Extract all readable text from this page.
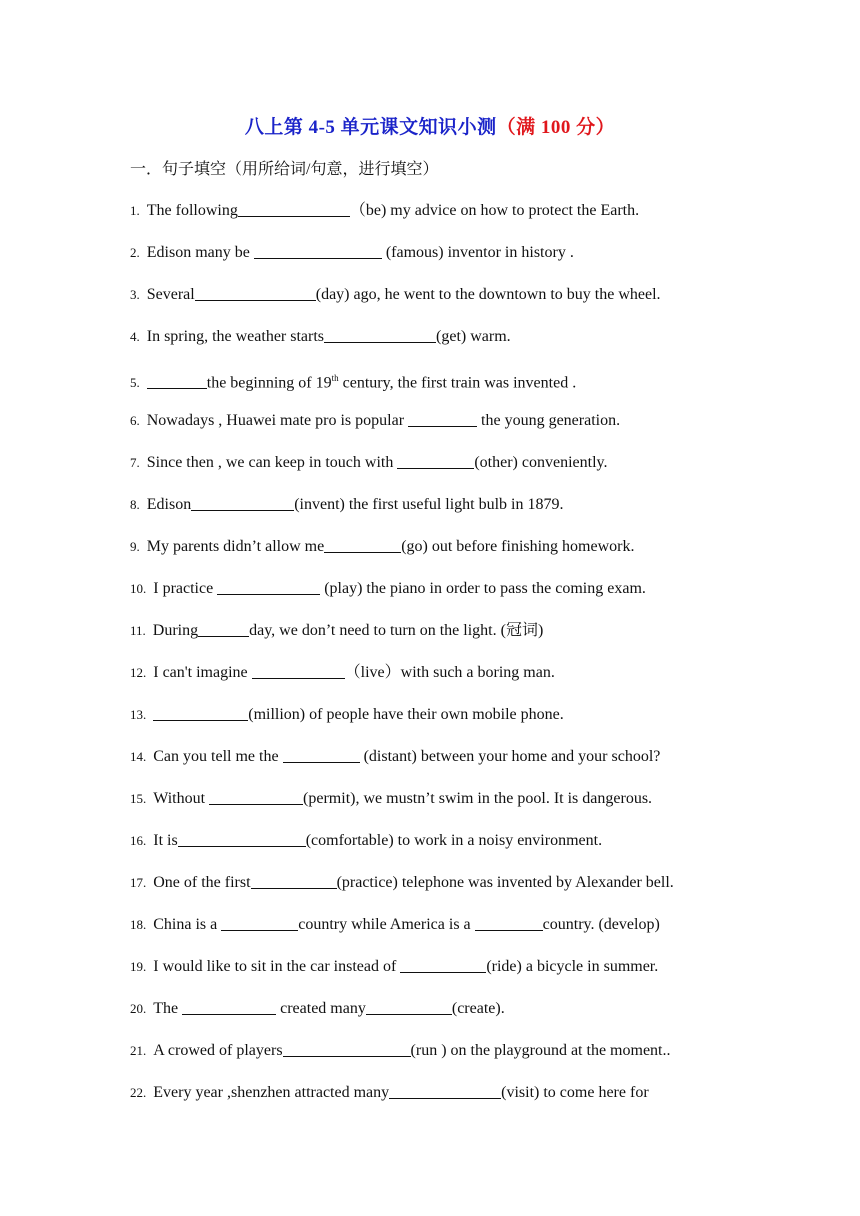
八上第 4-5 单元课文知识小测（满 100 分）
一．句子填空（用所给词/句意，进行填空）
1. The following	（be) my advice on how to protect the Earth.
2. Edison many be	(famous) inventor in history .
3. Several	(day) ago, he went to the downtown to buy the wheel.
4. In spring, the weather starts	(get) warm.
5.	the beginning of 19th century, the first train was invented .
6. Nowadays , Huawei mate pro is popular	the young generation.
7. Since then , we can keep in touch with	(other) conveniently.
8. Edison	(invent) the first useful light bulb in 1879.
9. My parents didn’t allow me	(go) out before finishing homework.
10. I practice	(play) the piano in order to pass the coming exam.
11. During	day, we don’t need to turn on the light. (冠词)
12. I can't imagine	（live）with such a boring man.
13.	(million) of people have their own mobile phone.
14. Can you tell me the	(distant) between your home and your school?
15. Without	(permit), we mustn’t swim in the pool. It is dangerous.
16. It is	(comfortable) to work in a noisy environment.
17. One of the first	(practice) telephone was invented by Alexander bell.
18. China is a	country while America is a	country. (develop)
19. I would like to sit in the car instead of	(ride) a bicycle in summer.
20. The	created many	(create).
21. A crowed of players	(run ) on the playground at the moment..
22. Every year ,shenzhen attracted many	(visit) to come here for
